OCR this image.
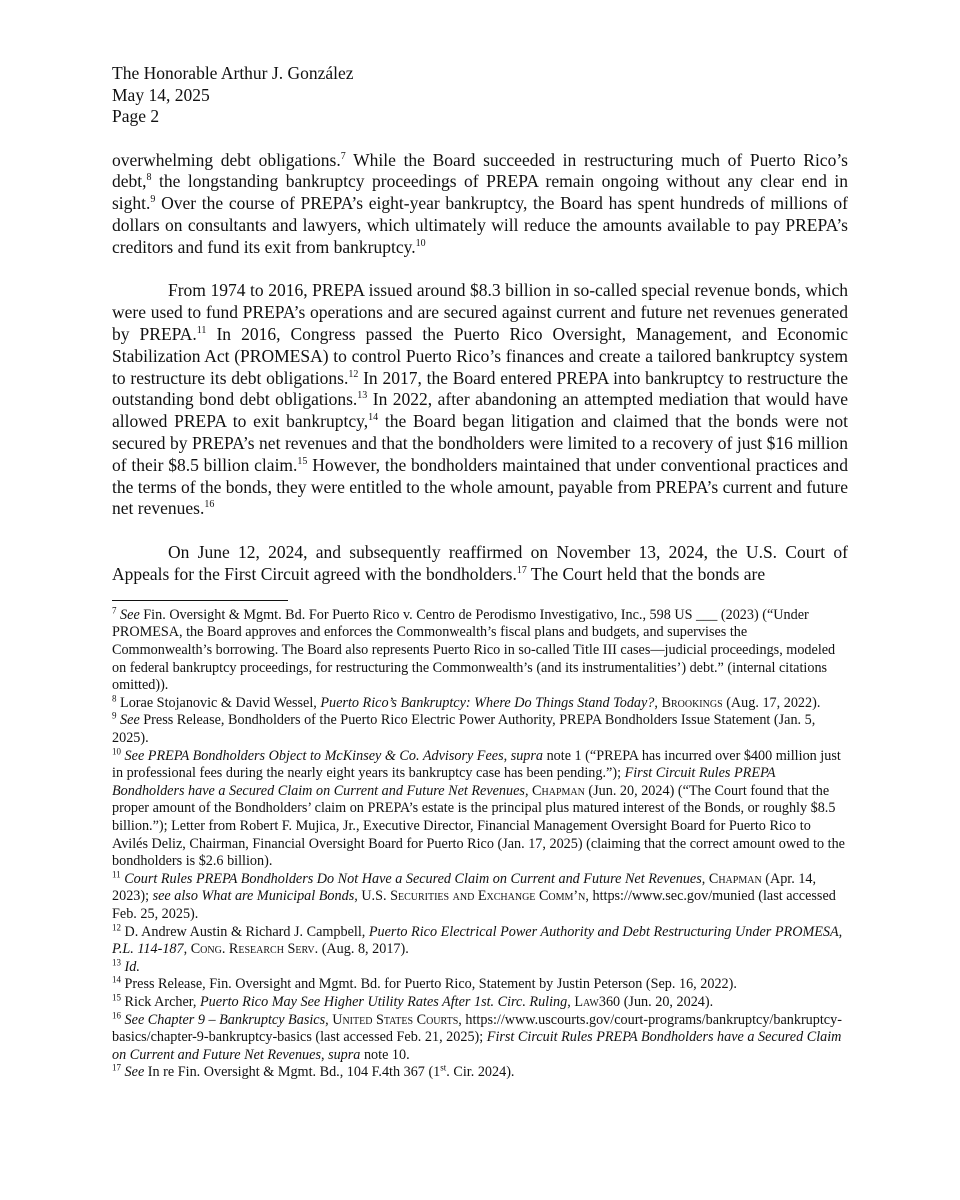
The Honorable Arthur J. González

May 14, 2025

Page 2

overwhelming debt obligations.$^7$ While the Board succeeded in restructuring much of Puerto Rico’s debt,$^8$ the longstanding bankruptcy proceedings of PREPA remain ongoing without any clear end in sight.$^9$ Over the course of PREPA’s eight-year bankruptcy, the Board has spent hundreds of millions of dollars on consultants and lawyers, which ultimately will reduce the amounts available to pay PREPA’s creditors and fund its exit from bankruptcy.$^{10}$

From 1974 to 2016, PREPA issued around $8.3 billion in so-called special revenue bonds, which were used to fund PREPA’s operations and are secured against current and future net revenues generated by PREPA.$^{11}$ In 2016, Congress passed the Puerto Rico Oversight, Management, and Economic Stabilization Act (PROMESA) to control Puerto Rico’s finances and create a tailored bankruptcy system to restructure its debt obligations.$^{12}$ In 2017, the Board entered PREPA into bankruptcy to restructure the outstanding bond debt obligations.$^{13}$ In 2022, after abandoning an attempted mediation that would have allowed PREPA to exit bankruptcy,$^{14}$ the Board began litigation and claimed that the bonds were not secured by PREPA’s net revenues and that the bondholders were limited to a recovery of just $16 million of their $8.5 billion claim.$^{15}$ However, the bondholders maintained that under conventional practices and the terms of the bonds, they were entitled to the whole amount, payable from PREPA’s current and future net revenues.$^{16}$

On June 12, 2024, and subsequently reaffirmed on November 13, 2024, the U.S. Court of Appeals for the First Circuit agreed with the bondholders.$^{17}$ The Court held that the bonds are

$^7$ See Fin. Oversight & Mgmt. Bd. For Puerto Rico v. Centro de Perodismo Investigativo, Inc., 598 US ___ (2023) (“Under PROMESA, the Board approves and enforces the Commonwealth’s fiscal plans and budgets, and supervises the Commonwealth’s borrowing. The Board also represents Puerto Rico in so-called Title III cases—judicial proceedings, modeled on federal bankruptcy proceedings, for restructuring the Commonwealth’s (and its instrumentalities’) debt.” (internal citations omitted)).

$^8$ Lorae Stojanovic & David Wessel, Puerto Rico’s Bankruptcy: Where Do Things Stand Today?, Brookings (Aug. 17, 2022).

$^9$ See Press Release, Bondholders of the Puerto Rico Electric Power Authority, PREPA Bondholders Issue Statement (Jan. 5, 2025).

$^{10}$ See PREPA Bondholders Object to McKinsey & Co. Advisory Fees, supra note 1 (“PREPA has incurred over $400 million just in professional fees during the nearly eight years its bankruptcy case has been pending.”); First Circuit Rules PREPA Bondholders have a Secured Claim on Current and Future Net Revenues, Chapman (Jun. 20, 2024) (“The Court found that the proper amount of the Bondholders’ claim on PREPA’s estate is the principal plus matured interest of the Bonds, or roughly $8.5 billion.”); Letter from Robert F. Mujica, Jr., Executive Director, Financial Management Oversight Board for Puerto Rico to Avilés Deliz, Chairman, Financial Oversight Board for Puerto Rico (Jan. 17, 2025) (claiming that the correct amount owed to the bondholders is $2.6 billion).

$^{11}$ Court Rules PREPA Bondholders Do Not Have a Secured Claim on Current and Future Net Revenues, Chapman (Apr. 14, 2023); see also What are Municipal Bonds, U.S. Securities and Exchange Comm’n, https://www.sec.gov/munied (last accessed Feb. 25, 2025).

$^{12}$ D. Andrew Austin & Richard J. Campbell, Puerto Rico Electrical Power Authority and Debt Restructuring Under PROMESA, P.L. 114-187, Cong. Research Serv. (Aug. 8, 2017).

$^{13}$ Id.

$^{14}$ Press Release, Fin. Oversight and Mgmt. Bd. for Puerto Rico, Statement by Justin Peterson (Sep. 16, 2022).

$^{15}$ Rick Archer, Puerto Rico May See Higher Utility Rates After 1st. Circ. Ruling, Law360 (Jun. 20, 2024).

$^{16}$ See Chapter 9 – Bankruptcy Basics, United States Courts, https://www.uscourts.gov/court-programs/bankruptcy/bankruptcy-basics/chapter-9-bankruptcy-basics (last accessed Feb. 21, 2025); First Circuit Rules PREPA Bondholders have a Secured Claim on Current and Future Net Revenues, supra note 10.

$^{17}$ See In re Fin. Oversight & Mgmt. Bd., 104 F.4th 367 (1st. Cir. 2024).
